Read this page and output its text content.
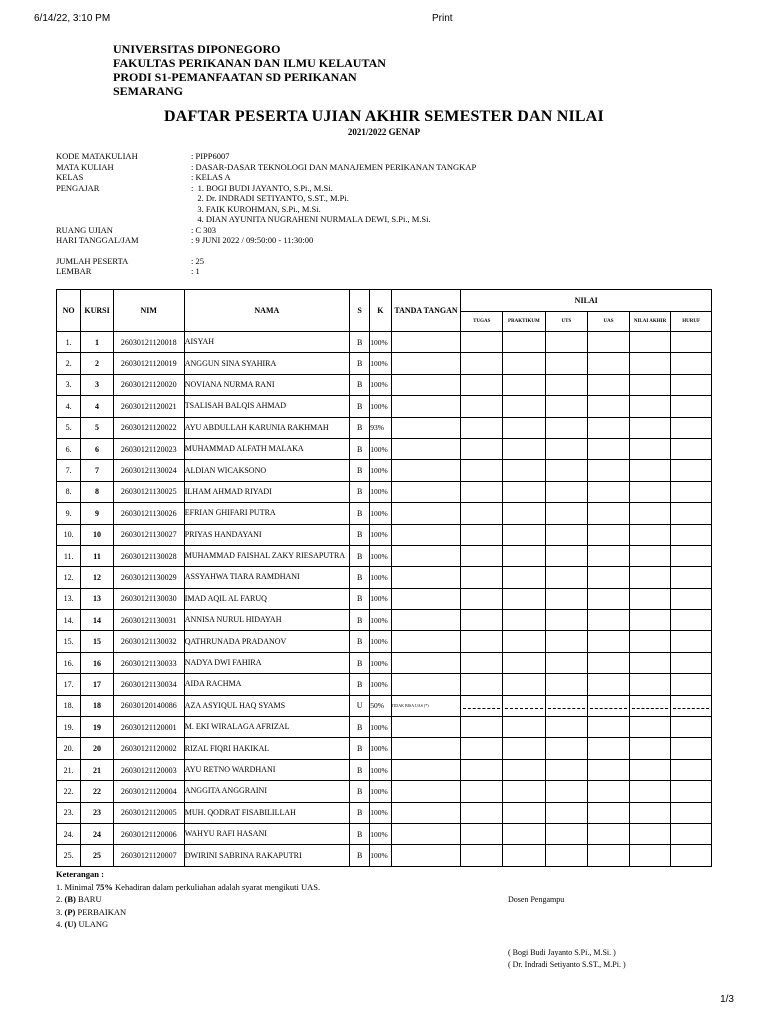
6/14/22, 3:10 PM	Print
UNIVERSITAS DIPONEGORO
FAKULTAS PERIKANAN DAN ILMU KELAUTAN
PRODI S1-PEMANFAATAN SD PERIKANAN
SEMARANG
DAFTAR PESERTA UJIAN AKHIR SEMESTER DAN NILAI
2021/2022 GENAP
KODE MATAKULIAH	: PIPP6007
MATA KULIAH	: DASAR-DASAR TEKNOLOGI DAN MANAJEMEN PERIKANAN TANGKAP
KELAS	: KELAS A
PENGAJAR	:  1. BOGI BUDI JAYANTO, S.Pi., M.Si.
2. Dr. INDRADI SETIYANTO, S.ST., M.Pi.
3. FAIK KUROHMAN, S.Pi., M.Si.
4. DIAN AYUNITA NUGRAHENI NURMALA DEWI, S.Pi., M.Si.
RUANG UJIAN	: C 303
HARI TANGGAL/JAM	: 9 JUNI 2022 / 09:50:00 - 11:30:00
JUMLAH PESERTA	: 25
LEMBAR	: 1
NO	KURSI	NIM	NAMA	S	K	TANDA TANGAN	NILAI					
							TUGAS	PRAKTIKUM	UTS	UAS	NILAI AKHIR	HURUF
1.	1	26030121120018	AISYAH	B	100%							
2.	2	26030121120019	ANGGUN SINA SYAHIRA	B	100%							
3.	3	26030121120020	NOVIANA NURMA RANI	B	100%							
4.	4	26030121120021	TSALISAH BALQIS AHMAD	B	100%							
5.	5	26030121120022	AYU ABDULLAH KARUNIA RAKHMAH	B	93%							
6.	6	26030121120023	MUHAMMAD ALFATH MALAKA	B	100%							
7.	7	26030121130024	ALDIAN WICAKSONO	B	100%							
8.	8	26030121130025	ILHAM AHMAD RIYADI	B	100%							
9.	9	26030121130026	EFRIAN GHIFARI PUTRA	B	100%							
10.	10	26030121130027	PRIYAS HANDAYANI	B	100%							
11.	11	26030121130028	MUHAMMAD FAISHAL ZAKY RIESAPUTRA	B	100%							
12.	12	26030121130029	ASSYAHWA TIARA RAMDHANI	B	100%							
13.	13	26030121130030	IMAD AQIL AL FARUQ	B	100%							
14.	14	26030121130031	ANNISA NURUL HIDAYAH	B	100%							
15.	15	26030121130032	QATHRUNADA PRADANOV	B	100%							
16.	16	26030121130033	NADYA DWI FAHIRA	B	100%							
17.	17	26030121130034	AIDA RACHMA	B	100%							
18.	18	26030120140086	AZA ASYIQUL HAQ SYAMS	U	50%	TIDAK BISA UAS (*)	

19.	19	26030121120001	M. EKI WIRALAGA AFRIZAL	B	100%							
20.	20	26030121120002	RIZAL FIQRI HAKIKAL	B	100%							
21.	21	26030121120003	AYU RETNO WARDHANI	B	100%							
22.	22	26030121120004	ANGGITA ANGGRAINI	B	100%							
23.	23	26030121120005	MUH. QODRAT FISABILILLAH	B	100%							
24.	24	26030121120006	WAHYU RAFI HASANI	B	100%							
25.	25	26030121120007	DWIRINI SABRINA RAKAPUTRI	B	100%							
Keterangan :
1. Minimal 75% Kehadiran dalam perkuliahan adalah syarat mengikuti UAS.
2. (B) BARU
3. (P) PERBAIKAN
4. (U) ULANG
Dosen Pengampu
( Bogi Budi Jayanto S.Pi., M.Si. )
( Dr. Indradi Setiyanto S.ST., M.Pi. )
1/3
